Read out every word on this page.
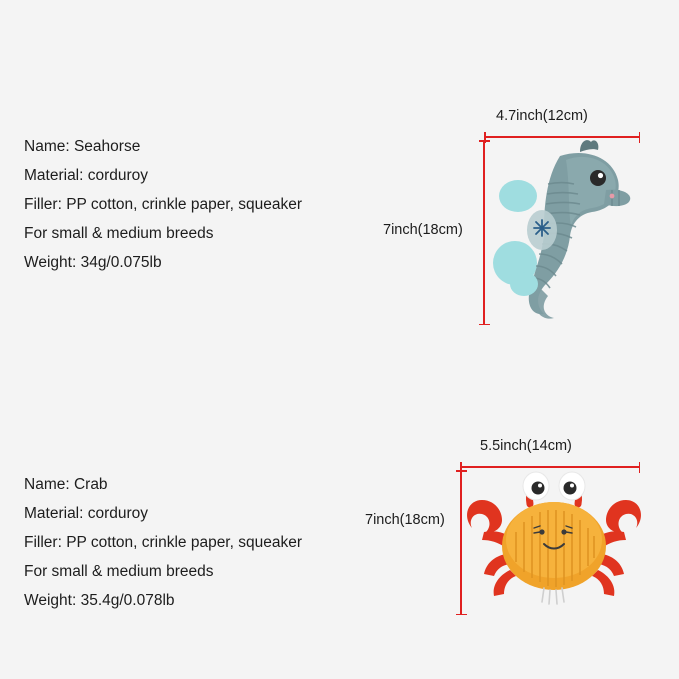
Name: Seahorse
Material: corduroy
Filler: PP cotton, crinkle paper, squeaker
For small & medium breeds
Weight: 34g/0.075lb
4.7inch(12cm)
7inch(18cm)
Name: Crab
Material: corduroy
Filler: PP cotton, crinkle paper, squeaker
For small & medium breeds
Weight: 35.4g/0.078lb
5.5inch(14cm)
7inch(18cm)
